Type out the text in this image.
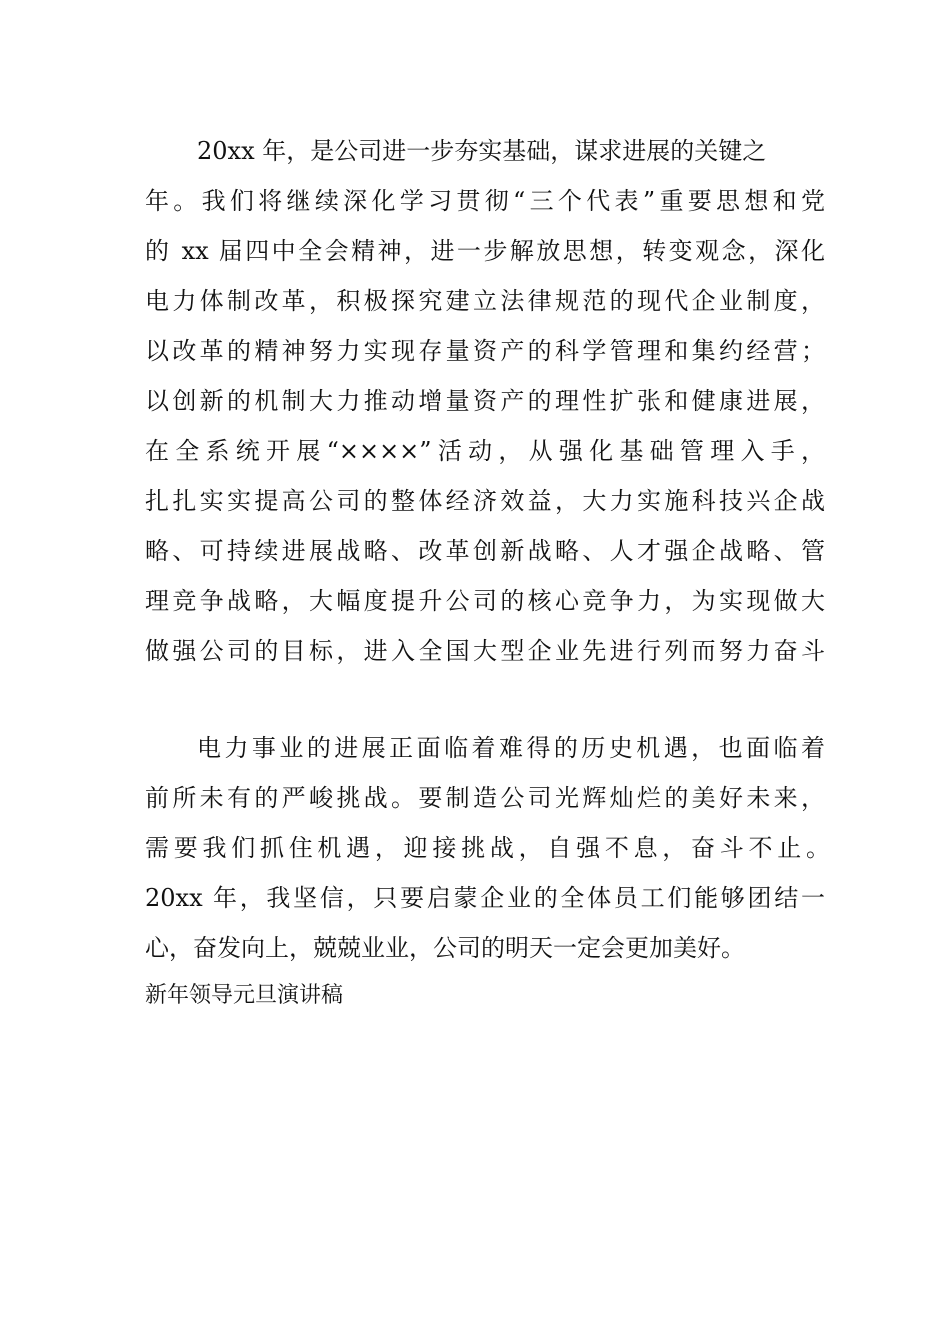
20xx 年，是公司进一步夯实基础，谋求进展的关键之
年。我们将继续深化学习贯彻“三个代表”重要思想和党
的 xx 届四中全会精神，进一步解放思想，转变观念，深化
电力体制改革，积极探究建立法律规范的现代企业制度，
以改革的精神努力实现存量资产的科学管理和集约经营；
以创新的机制大力推动增量资产的理性扩张和健康进展，
在全系统开展“××××”活动，从强化基础管理入手，
扎扎实实提高公司的整体经济效益，大力实施科技兴企战
略、可持续进展战略、改革创新战略、人才强企战略、管
理竞争战略，大幅度提升公司的核心竞争力，为实现做大
做强公司的目标，进入全国大型企业先进行列而努力奋斗
电力事业的进展正面临着难得的历史机遇，也面临着
前所未有的严峻挑战。要制造公司光辉灿烂的美好未来，
需要我们抓住机遇，迎接挑战，自强不息，奋斗不止。
20xx 年，我坚信，只要启蒙企业的全体员工们能够团结一
心，奋发向上，兢兢业业，公司的明天一定会更加美好。
新年领导元旦演讲稿
